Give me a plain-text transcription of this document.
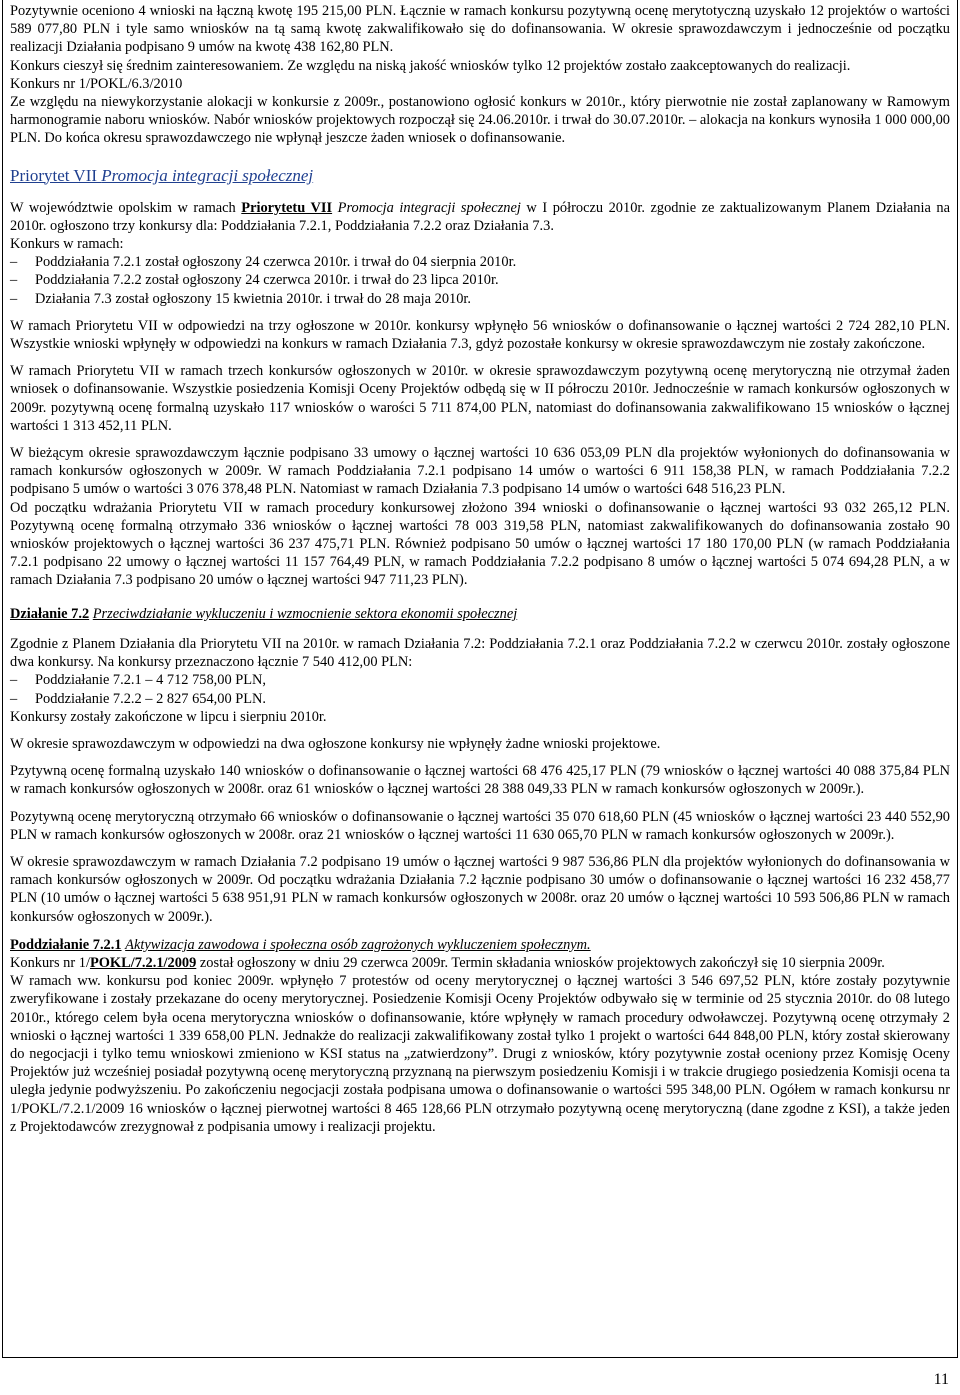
Pozytywnie oceniono 4 wnioski na łączną kwotę 195 215,00 PLN. Łącznie w ramach konkursu pozytywną ocenę merytotyczną uzyskało 12 projektów o wartości 589 077,80 PLN i tyle samo wniosków na tą samą kwotę zakwalifikowało się do dofinansowania. W okresie sprawozdawczym i jednocześnie od początku realizacji Działania podpisano 9 umów na kwotę 438 162,80 PLN.

Konkurs cieszył się średnim zainteresowaniem. Ze względu na niską jakość wniosków tylko 12 projektów zostało zaakceptowanych do realizacji.

Konkurs nr 1/POKL/6.3/2010

Ze względu na niewykorzystanie alokacji w konkursie z 2009r., postanowiono ogłosić konkurs w 2010r., który pierwotnie nie został zaplanowany w Ramowym harmonogramie naboru wniosków. Nabór wniosków projektowych rozpoczął się 24.06.2010r. i trwał do 30.07.2010r. – alokacja na konkurs wynosiła 1 000 000,00 PLN. Do końca okresu sprawozdawczego nie wpłynął jeszcze żaden wniosek o dofinansowanie.

Priorytet VII Promocja integracji społecznej

W województwie opolskim w ramach Priorytetu VII Promocja integracji społecznej w I półroczu 2010r. zgodnie ze zaktualizowanym Planem Działania na 2010r. ogłoszono trzy konkursy dla: Poddziałania 7.2.1, Poddziałania 7.2.2 oraz Działania 7.3.

Konkurs w ramach:

– Poddziałania 7.2.1 został ogłoszony 24 czerwca 2010r. i trwał do 04 sierpnia 2010r.
– Poddziałania 7.2.2 został ogłoszony 24 czerwca 2010r. i trwał do 23 lipca 2010r.
– Działania 7.3 został ogłoszony 15 kwietnia 2010r. i trwał do 28 maja 2010r.

W ramach Priorytetu VII w odpowiedzi na trzy ogłoszone w 2010r. konkursy wpłynęło 56 wniosków o dofinansowanie o łącznej wartości 2 724 282,10 PLN. Wszystkie wnioski wpłynęły w odpowiedzi na konkurs w ramach Działania 7.3, gdyż pozostałe konkursy w okresie sprawozdawczym nie zostały zakończone.

W ramach Priorytetu VII w ramach trzech konkursów ogłoszonych w 2010r. w okresie sprawozdawczym pozytywną ocenę merytoryczną nie otrzymał żaden wniosek o dofinansowanie. Wszystkie posiedzenia Komisji Oceny Projektów odbędą się w II półroczu 2010r. Jednocześnie w ramach konkursów ogłoszonych w 2009r. pozytywną ocenę formalną uzyskało 117 wniosków o warości 5 711 874,00 PLN, natomiast do dofinansowania zakwalifikowano 15 wniosków o łącznej wartości 1 313 452,11 PLN.

W bieżącym okresie sprawozdawczym łącznie podpisano 33 umowy o łącznej wartości 10 636 053,09 PLN dla projektów wyłonionych do dofinansowania w ramach konkursów ogłoszonych w 2009r. W ramach Poddziałania 7.2.1 podpisano 14 umów o wartości 6 911 158,38 PLN, w ramach Poddziałania 7.2.2 podpisano 5 umów o wartości 3 076 378,48 PLN. Natomiast w ramach Działania 7.3 podpisano 14 umów o wartości 648 516,23 PLN.

Od początku wdrażania Priorytetu VII w ramach procedury konkursowej złożono 394 wnioski o dofinansowanie o łącznej wartości 93 032 265,12 PLN. Pozytywną ocenę formalną otrzymało 336 wniosków o łącznej wartości 78 003 319,58 PLN, natomiast zakwalifikowanych do dofinansowania zostało 90 wniosków projektowych o łącznej wartości 36 237 475,71 PLN. Również podpisano 50 umów o łącznej wartości 17 180 170,00 PLN (w ramach Poddziałania 7.2.1 podpisano 22 umowy o łącznej wartości 11 157 764,49 PLN, w ramach Poddziałania 7.2.2 podpisano 8 umów o łącznej wartości 5 074 694,28 PLN, a w ramach Działania 7.3 podpisano 20 umów o łącznej wartości 947 711,23 PLN).

Działanie 7.2 Przeciwdziałanie wykluczeniu i wzmocnienie sektora ekonomii społecznej

Zgodnie z Planem Działania dla Priorytetu VII na 2010r. w ramach Działania 7.2: Poddziałania 7.2.1 oraz Poddziałania 7.2.2 w czerwcu 2010r. zostały ogłoszone dwa konkursy. Na konkursy przeznaczono łącznie 7 540 412,00 PLN:

– Poddziałanie 7.2.1 – 4 712 758,00 PLN,
– Poddziałanie 7.2.2 – 2 827 654,00 PLN.

Konkursy zostały zakończone w lipcu i sierpniu 2010r.

W okresie sprawozdawczym w odpowiedzi na dwa ogłoszone konkursy nie wpłynęły żadne wnioski projektowe.

Pzytywną ocenę formalną uzyskało 140 wniosków o dofinansowanie o łącznej wartości 68 476 425,17 PLN (79 wniosków o łącznej wartości 40 088 375,84 PLN w ramach konkursów ogłoszonych w 2008r. oraz 61 wniosków o łącznej wartości 28 388 049,33 PLN w ramach konkursów ogłoszonych w 2009r.).

Pozytywną ocenę merytoryczną otrzymało 66 wniosków o dofinansowanie o łącznej wartości 35 070 618,60 PLN (45 wniosków o łącznej wartości 23 440 552,90 PLN w ramach konkursów ogłoszonych w 2008r. oraz 21 wniosków o łącznej wartości 11 630 065,70 PLN w ramach konkursów ogłoszonych w 2009r.).

W okresie sprawozdawczym w ramach Działania 7.2 podpisano 19 umów o łącznej wartości 9 987 536,86 PLN dla projektów wyłonionych do dofinansowania w ramach konkursów ogłoszonych w 2009r. Od początku wdrażania Działania 7.2 łącznie podpisano 30 umów o dofinansowanie o łącznej wartości 16 232 458,77 PLN (10 umów o łącznej wartości 5 638 951,91 PLN w ramach konkursów ogłoszonych w 2008r. oraz 20 umów o łącznej wartości 10 593 506,86 PLN w ramach konkursów ogłoszonych w 2009r.).

Poddziałanie 7.2.1 Aktywizacja zawodowa i społeczna osób zagrożonych wykluczeniem społecznym.

Konkurs nr 1/POKL/7.2.1/2009 został ogłoszony w dniu 29 czerwca 2009r. Termin składania wniosków projektowych zakończył się 10 sierpnia 2009r.

W ramach ww. konkursu pod koniec 2009r. wpłynęło 7 protestów od oceny merytorycznej o łącznej wartości 3 546 697,52 PLN, które zostały pozytywnie zweryfikowane i zostały przekazane do oceny merytorycznej. Posiedzenie Komisji Oceny Projektów odbywało się w terminie od 25 stycznia 2010r. do 08 lutego 2010r., którego celem była ocena merytoryczna wniosków o dofinansowanie, które wpłynęły w ramach procedury odwoławczej. Pozytywną ocenę otrzymały 2 wnioski o łącznej wartości 1 339 658,00 PLN. Jednakże do realizacji zakwalifikowany został tylko 1 projekt o wartości 644 848,00 PLN, który został skierowany do negocjacji i tylko temu wnioskowi zmieniono w KSI status na „zatwierdzony”. Drugi z wniosków, który pozytywnie został oceniony przez Komisję Oceny Projektów już wcześniej posiadał pozytywną ocenę merytoryczną przyznaną na pierwszym posiedzeniu Komisji i w trakcie drugiego posiedzenia Komisji ocena ta uległa jedynie podwyższeniu. Po zakończeniu negocjacji została podpisana umowa o dofinansowanie o wartości 595 348,00 PLN. Ogółem w ramach konkursu nr 1/POKL/7.2.1/2009 16 wniosków o łącznej pierwotnej wartości 8 465 128,66 PLN otrzymało pozytywną ocenę merytoryczną (dane zgodne z KSI), a także jeden z Projektodawców zrezygnował z podpisania umowy i realizacji projektu.

11
